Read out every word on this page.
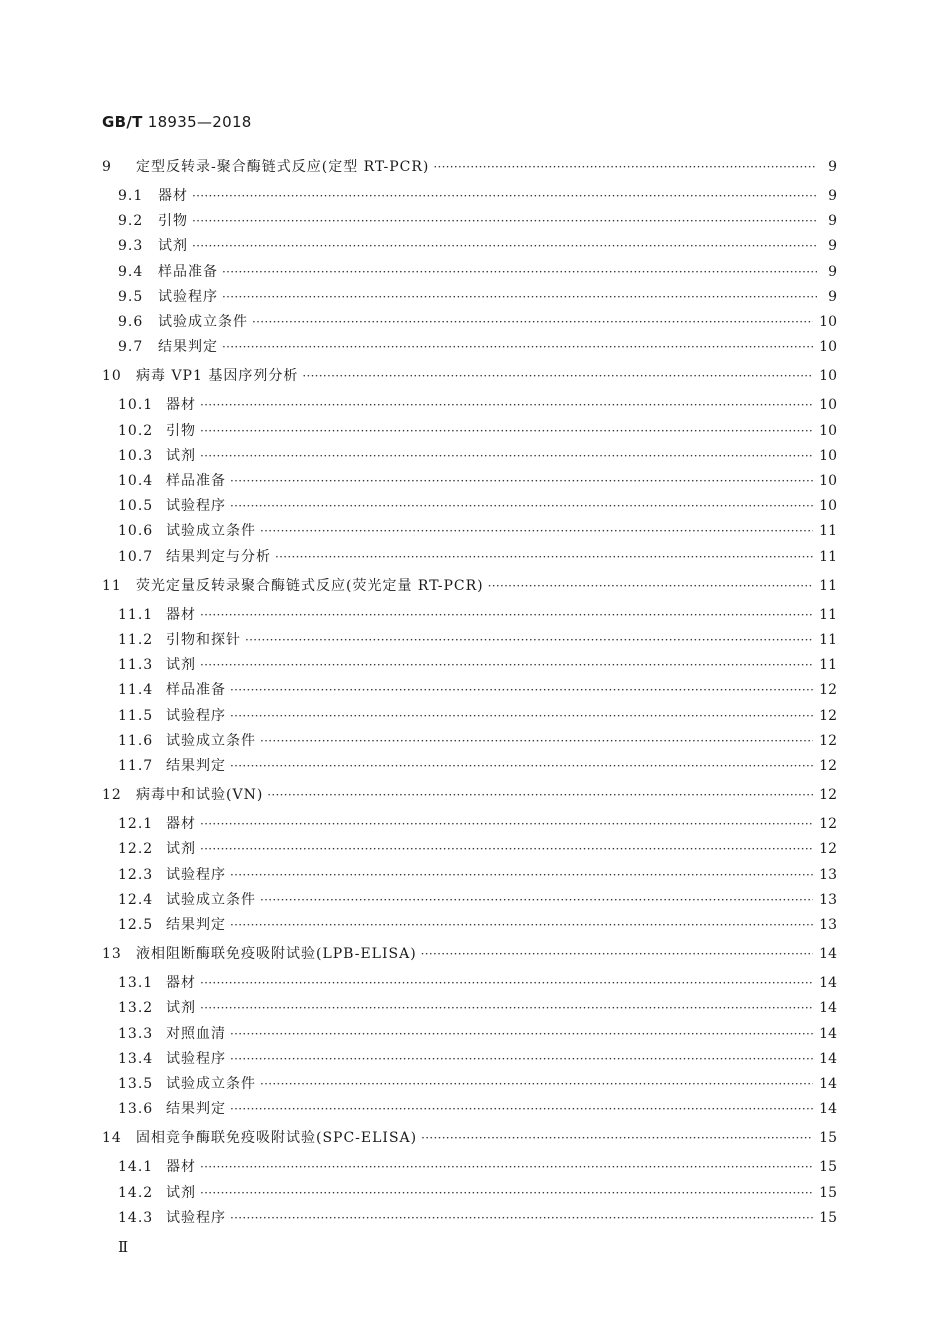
GB/T 18935—2018
9	定型反转录-聚合酶链式反应(定型 RT-PCR) ·····	9
9.1	器材 ·····	9
9.2	引物 ·····	9
9.3	试剂 ·····	9
9.4	样品准备 ·····	9
9.5	试验程序 ·····	9
9.6	试验成立条件 ·····	10
9.7	结果判定 ·····	10
10	病毒 VP1 基因序列分析 ·····	10
10.1 器材 ·····	10
10.2 引物 ·····	10
10.3 试剂 ·····	10
10.4 样品准备 ·····	10
10.5 试验程序 ·····	10
10.6 试验成立条件 ·····	11
10.7 结果判定与分析 ·····	11
11	荧光定量反转录聚合酶链式反应(荧光定量 RT-PCR) ·····	11
11.1 器材 ·····	11
11.2 引物和探针 ·····	11
11.3 试剂 ·····	11
11.4 样品准备 ·····	12
11.5 试验程序 ·····	12
11.6 试验成立条件 ·····	12
11.7 结果判定 ·····	12
12	病毒中和试验(VN) ·····	12
12.1 器材 ·····	12
12.2 试剂 ·····	12
12.3 试验程序 ·····	13
12.4 试验成立条件 ·····	13
12.5 结果判定 ·····	13
13	液相阻断酶联免疫吸附试验(LPB-ELISA) ·····	14
13.1 器材 ·····	14
13.2 试剂 ·····	14
13.3 对照血清 ·····	14
13.4 试验程序 ·····	14
13.5 试验成立条件 ·····	14
13.6 结果判定 ·····	14
14	固相竞争酶联免疫吸附试验(SPC-ELISA) ·····	15
14.1 器材 ·····	15
14.2 试剂 ·····	15
14.3 试验程序 ·····	15
Ⅱ
